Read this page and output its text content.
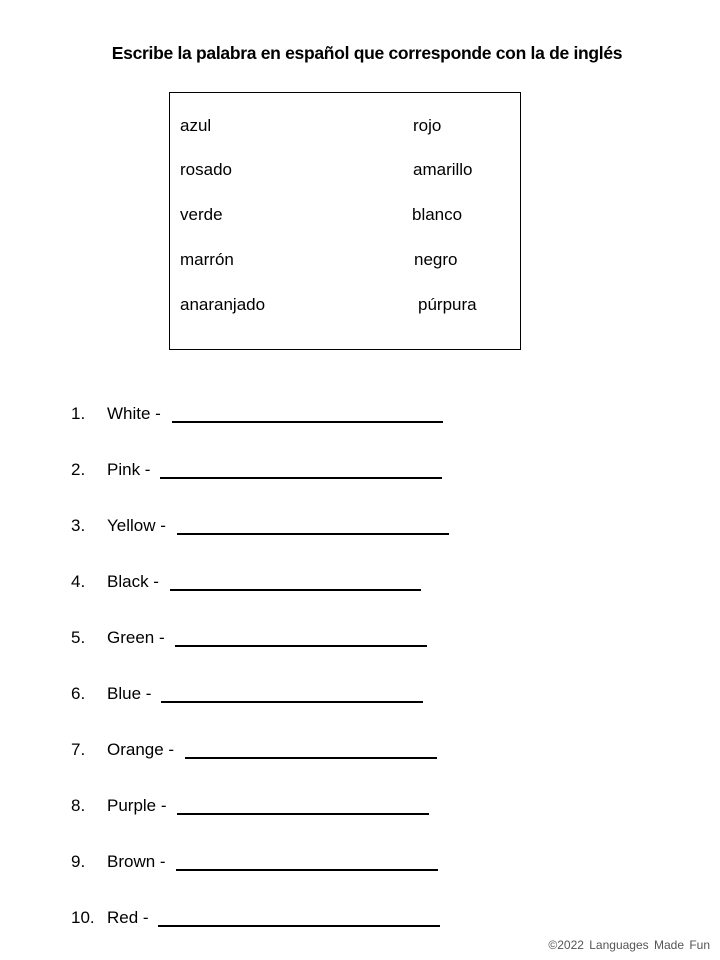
Escribe la palabra en español que corresponde con la de inglés
azul
rosado
verde
marrón
anaranjado
rojo
amarillo
blanco
negro
púrpura
1. White -
2. Pink -
3. Yellow -
4. Black -
5. Green -
6. Blue -
7. Orange -
8. Purple -
9. Brown -
10. Red -
©2022 Languages Made Fun
